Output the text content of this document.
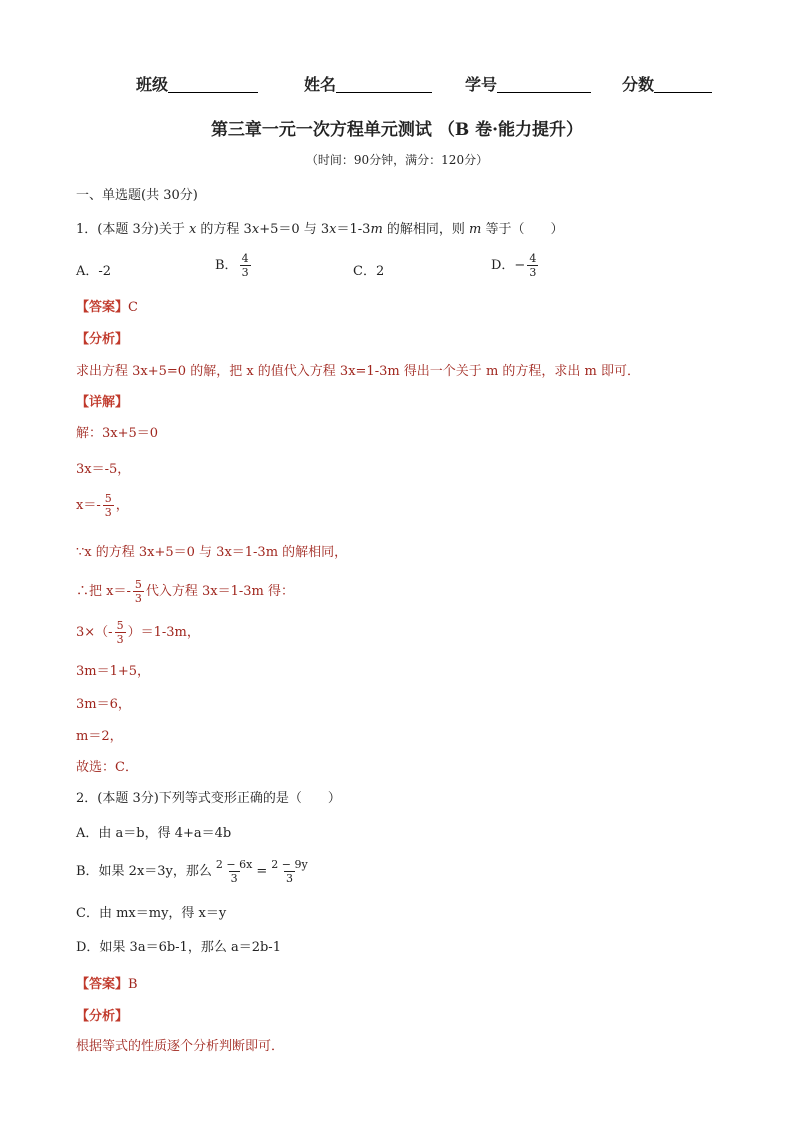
班级	姓名	学号	分数
第三章一元一次方程单元测试 （B 卷·能力提升）
（时间：90分钟，满分：120分）
一、单选题(共 30分)
1．(本题 3分)关于 x 的方程 3x+5＝0 与 3x＝1-3m 的解相同，则 m 等于（　　）
A．-2	B． $\frac{4}{3}$	C．2	D．− $\frac{4}{3}$
【答案】C
【分析】
求出方程 3x+5=0 的解，把 x 的值代入方程 3x=1-3m 得出一个关于 m 的方程，求出 m 即可．
【详解】
解：3x+5＝0
3x＝-5，
$x=- \frac{5}{3}$ ，
∵x 的方程 3x+5＝0 与 3x＝1-3m 的解相同，
∴把 $x=- \frac{5}{3}$ 代入方程 3x＝1-3m 得：
$3\times(- \frac{5}{3} )=1-3m$，
3m＝1+5，
3m＝6，
m＝2，
故选：C．
2．(本题 3分)下列等式变形正确的是（　　）
A．由 a＝b，得 4+a＝4b
B．如果 2x＝3y，那么 $\frac{2 - 6x}{3} = \frac{2 - 9y}{3}$
C．由 mx＝my，得 x＝y
D．如果 3a＝6b-1，那么 a＝2b-1
【答案】B
【分析】
根据等式的性质逐个分析判断即可．
